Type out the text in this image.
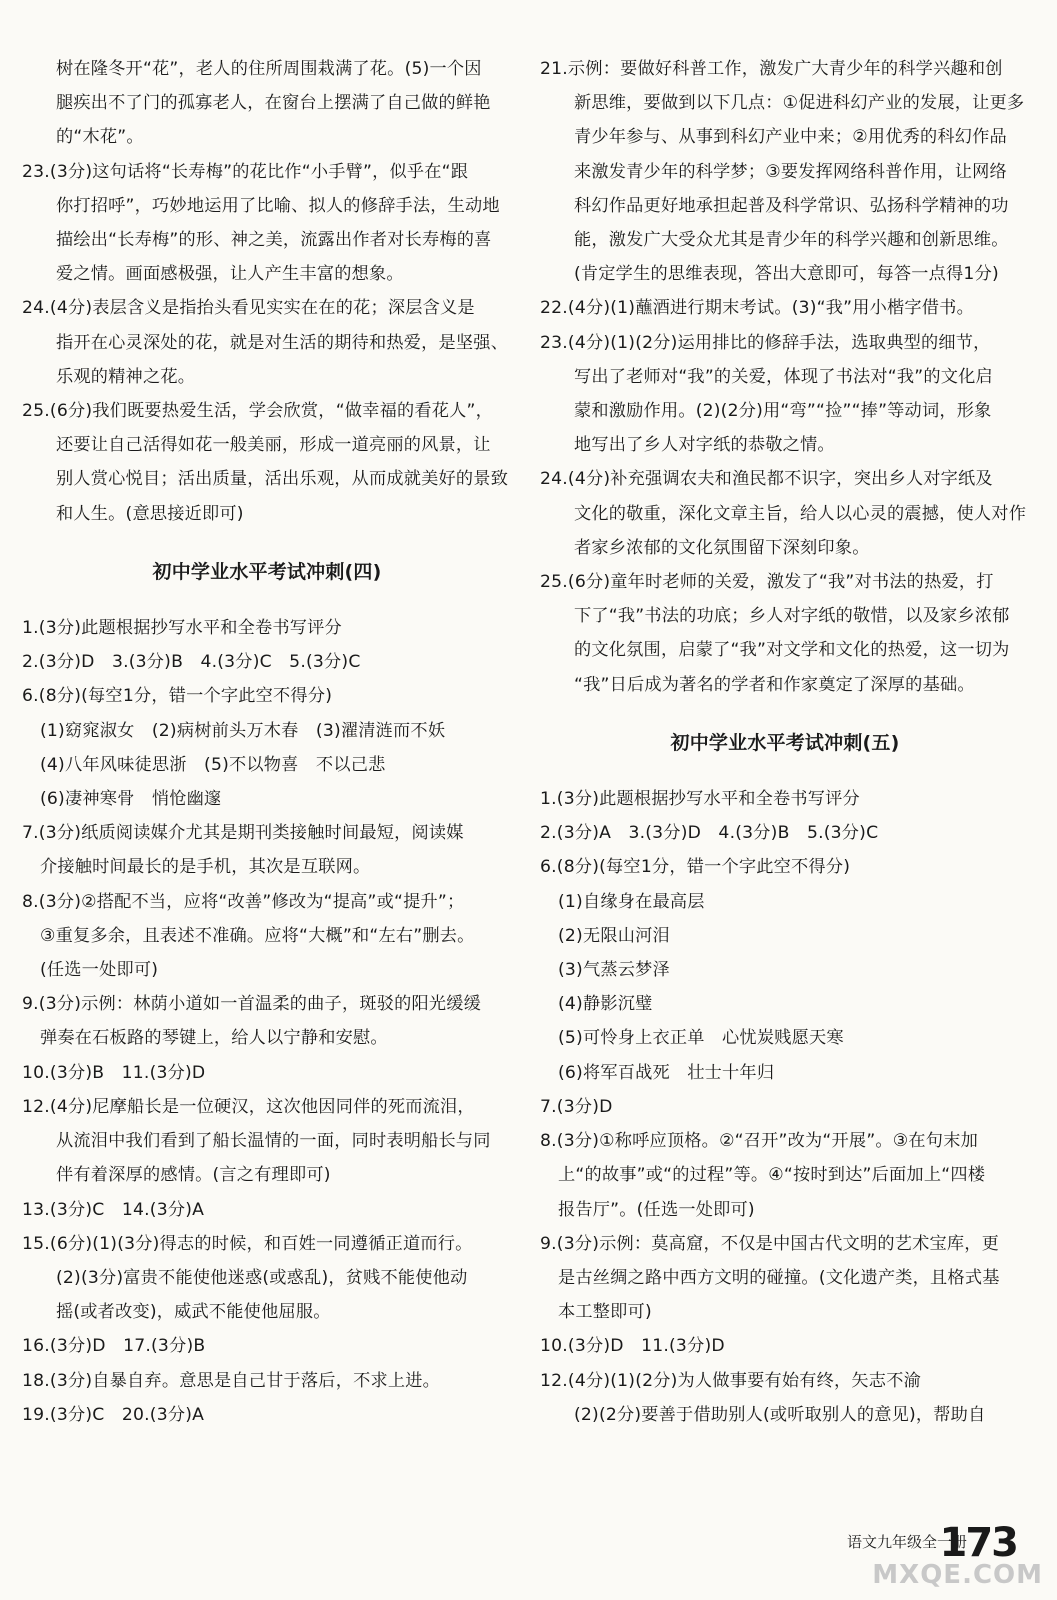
树在隆冬开“花”，老人的住所周围栽满了花。(5)一个因
腿疾出不了门的孤寡老人，在窗台上摆满了自己做的鲜艳
的“木花”。
23.(3分)这句话将“长寿梅”的花比作“小手臂”，似乎在“跟
你打招呼”，巧妙地运用了比喻、拟人的修辞手法，生动地
描绘出“长寿梅”的形、神之美，流露出作者对长寿梅的喜
爱之情。画面感极强，让人产生丰富的想象。
24.(4分)表层含义是指抬头看见实实在在的花；深层含义是
指开在心灵深处的花，就是对生活的期待和热爱，是坚强、
乐观的精神之花。
25.(6分)我们既要热爱生活，学会欣赏，“做幸福的看花人”，
还要让自己活得如花一般美丽，形成一道亮丽的风景，让
别人赏心悦目；活出质量，活出乐观，从而成就美好的景致
和人生。(意思接近即可)
初中学业水平考试冲刺(四)
1.(3分)此题根据抄写水平和全卷书写评分
2.(3分)D　3.(3分)B　4.(3分)C　5.(3分)C
6.(8分)(每空1分，错一个字此空不得分)
(1)窈窕淑女　(2)病树前头万木春　(3)濯清涟而不妖
(4)八年风味徒思浙　(5)不以物喜　不以己悲
(6)凄神寒骨　悄怆幽邃
7.(3分)纸质阅读媒介尤其是期刊类接触时间最短，阅读媒
介接触时间最长的是手机，其次是互联网。
8.(3分)②搭配不当，应将“改善”修改为“提高”或“提升”；
③重复多余，且表述不准确。应将“大概”和“左右”删去。
(任选一处即可)
9.(3分)示例：林荫小道如一首温柔的曲子，斑驳的阳光缓缓
弹奏在石板路的琴键上，给人以宁静和安慰。
10.(3分)B　11.(3分)D
12.(4分)尼摩船长是一位硬汉，这次他因同伴的死而流泪，
从流泪中我们看到了船长温情的一面，同时表明船长与同
伴有着深厚的感情。(言之有理即可)
13.(3分)C　14.(3分)A
15.(6分)(1)(3分)得志的时候，和百姓一同遵循正道而行。
(2)(3分)富贵不能使他迷惑(或惑乱)，贫贱不能使他动
摇(或者改变)，威武不能使他屈服。
16.(3分)D　17.(3分)B
18.(3分)自暴自弃。意思是自己甘于落后，不求上进。
19.(3分)C　20.(3分)A
21.示例：要做好科普工作，激发广大青少年的科学兴趣和创
新思维，要做到以下几点：①促进科幻产业的发展，让更多
青少年参与、从事到科幻产业中来；②用优秀的科幻作品
来激发青少年的科学梦；③要发挥网络科普作用，让网络
科幻作品更好地承担起普及科学常识、弘扬科学精神的功
能，激发广大受众尤其是青少年的科学兴趣和创新思维。
(肯定学生的思维表现，答出大意即可，每答一点得1分)
22.(4分)(1)蘸酒进行期末考试。(3)“我”用小楷字借书。
23.(4分)(1)(2分)运用排比的修辞手法，选取典型的细节，
写出了老师对“我”的关爱，体现了书法对“我”的文化启
蒙和激励作用。(2)(2分)用“弯”“捡”“捧”等动词，形象
地写出了乡人对字纸的恭敬之情。
24.(4分)补充强调农夫和渔民都不识字，突出乡人对字纸及
文化的敬重，深化文章主旨，给人以心灵的震撼，使人对作
者家乡浓郁的文化氛围留下深刻印象。
25.(6分)童年时老师的关爱，激发了“我”对书法的热爱，打
下了“我”书法的功底；乡人对字纸的敬惜，以及家乡浓郁
的文化氛围，启蒙了“我”对文学和文化的热爱，这一切为
“我”日后成为著名的学者和作家奠定了深厚的基础。
初中学业水平考试冲刺(五)
1.(3分)此题根据抄写水平和全卷书写评分
2.(3分)A　3.(3分)D　4.(3分)B　5.(3分)C
6.(8分)(每空1分，错一个字此空不得分)
(1)自缘身在最高层
(2)无限山河泪
(3)气蒸云梦泽
(4)静影沉璧
(5)可怜身上衣正单　心忧炭贱愿天寒
(6)将军百战死　壮士十年归
7.(3分)D
8.(3分)①称呼应顶格。②“召开”改为“开展”。③在句末加
上“的故事”或“的过程”等。④“按时到达”后面加上“四楼
报告厅”。(任选一处即可)
9.(3分)示例：莫高窟，不仅是中国古代文明的艺术宝库，更
是古丝绸之路中西方文明的碰撞。(文化遗产类，且格式基
本工整即可)
10.(3分)D　11.(3分)D
12.(4分)(1)(2分)为人做事要有始有终，矢志不渝
(2)(2分)要善于借助别人(或听取别人的意见)，帮助自
语文九年级全一册
173
MXQE.COM
